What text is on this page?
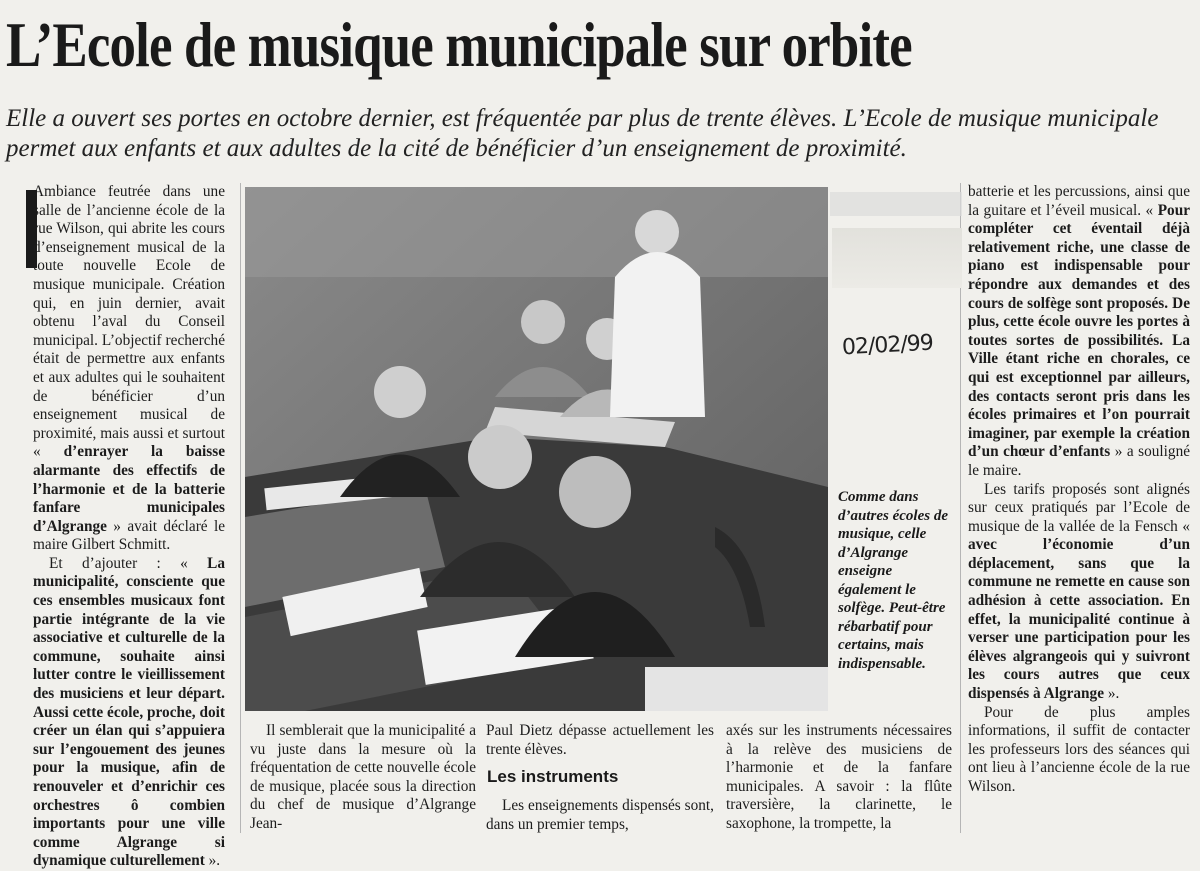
L’Ecole de musique municipale sur orbite

Elle a ouvert ses portes en octobre dernier, est fréquentée par plus de trente élèves. L’Ecole de musique municipale permet aux enfants et aux adultes de la cité de bénéficier d’un enseignement de proximité.

Ambiance feutrée dans une salle de l’ancienne école de la rue Wilson, qui abrite les cours d’enseignement musical de la toute nouvelle Ecole de musique municipale. Création qui, en juin dernier, avait obtenu l’aval du Conseil municipal. L’objectif recherché était de permettre aux enfants et aux adultes qui le souhaitent de bénéficier d’un enseignement musical de proximité, mais aussi et surtout « d’enrayer la baisse alarmante des effectifs de l’harmonie et de la batterie fanfare municipales d’Algrange » avait déclaré le maire Gilbert Schmitt.

Et d’ajouter : « La municipalité, consciente que ces ensembles musicaux font partie intégrante de la vie associative et culturelle de la commune, souhaite ainsi lutter contre le vieillissement des musiciens et leur départ. Aussi cette école, proche, doit créer un élan qui s’appuiera sur l’engouement des jeunes pour la musique, afin de renouveler et d’enrichir ces orchestres ô combien importants pour une ville comme Algrange si dynamique culturellement ».

02/02/99

Comme dans d’autres écoles de musique, celle d’Algrange enseigne également le solfège. Peut-être rébarbatif pour certains, mais indispensable.

Il semblerait que la municipalité a vu juste dans la mesure où la fréquentation de cette nouvelle école de musique, placée sous la direction du chef de musique d’Algrange Jean-

Paul Dietz dépasse actuellement les trente élèves.

Les instruments

Les enseignements dispensés sont, dans un premier temps,

axés sur les instruments nécessaires à la relève des musiciens de l’harmonie et de la fanfare municipales. A savoir : la flûte traversière, la clarinette, le saxophone, la trompette, la

batterie et les percussions, ainsi que la guitare et l’éveil musical. « Pour compléter cet éventail déjà relativement riche, une classe de piano est indispensable pour répondre aux demandes et des cours de solfège sont proposés. De plus, cette école ouvre les portes à toutes sortes de possibilités. La Ville étant riche en chorales, ce qui est exceptionnel par ailleurs, des contacts seront pris dans les écoles primaires et l’on pourrait imaginer, par exemple la création d’un chœur d’enfants » a souligné le maire.

Les tarifs proposés sont alignés sur ceux pratiqués par l’Ecole de musique de la vallée de la Fensch « avec l’économie d’un déplacement, sans que la commune ne remette en cause son adhésion à cette association. En effet, la municipalité continue à verser une participation pour les élèves algrangeois qui y suivront les cours autres que ceux dispensés à Algrange ».

Pour de plus amples informations, il suffit de contacter les professeurs lors des séances qui ont lieu à l’ancienne école de la rue Wilson.
